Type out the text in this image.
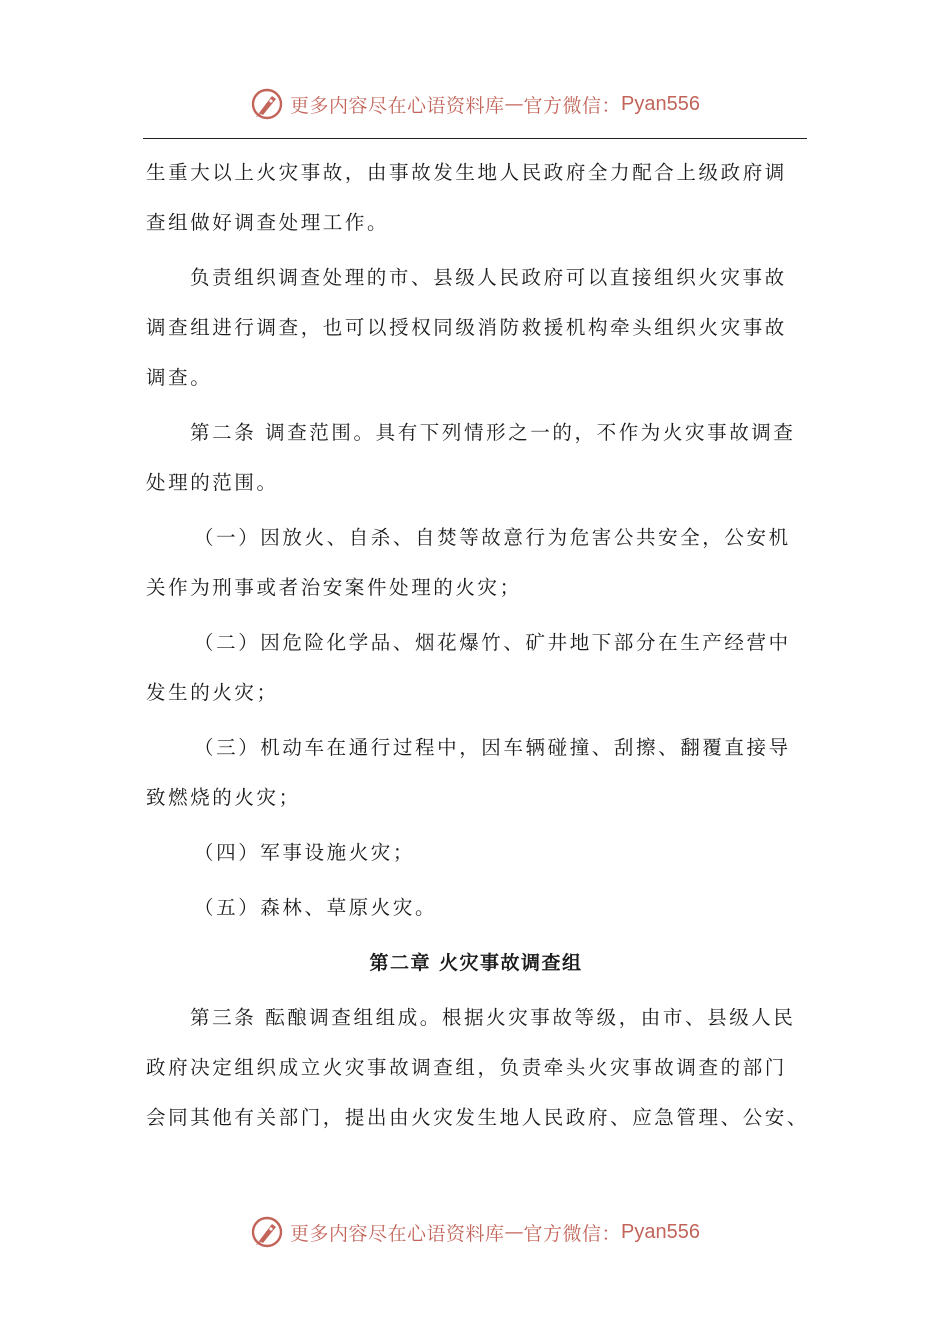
更多内容尽在心语资料库 — 官方微信： Pyan556
生重大以上火灾事故，由事故发生地人民政府全力配合上级政府调
查组做好调查处理工作。
负责组织调查处理的市、县级人民政府可以直接组织火灾事故
调查组进行调查，也可以授权同级消防救援机构牵头组织火灾事故
调查。
第二条 调查范围。具有下列情形之一的，不作为火灾事故调查
处理的范围。
（一）因放火、自杀、自焚等故意行为危害公共安全，公安机
关作为刑事或者治安案件处理的火灾；
（二）因危险化学品、烟花爆竹、矿井地下部分在生产经营中
发生的火灾；
（三）机动车在通行过程中，因车辆碰撞、刮擦、翻覆直接导
致燃烧的火灾；
（四）军事设施火灾；
（五）森林、草原火灾。
第二章 火灾事故调查组
第三条 酝酿调查组组成。根据火灾事故等级，由市、县级人民
政府决定组织成立火灾事故调查组，负责牵头火灾事故调查的部门
会同其他有关部门，提出由火灾发生地人民政府、应急管理、公安、
更多内容尽在心语资料库 — 官方微信： Pyan556
